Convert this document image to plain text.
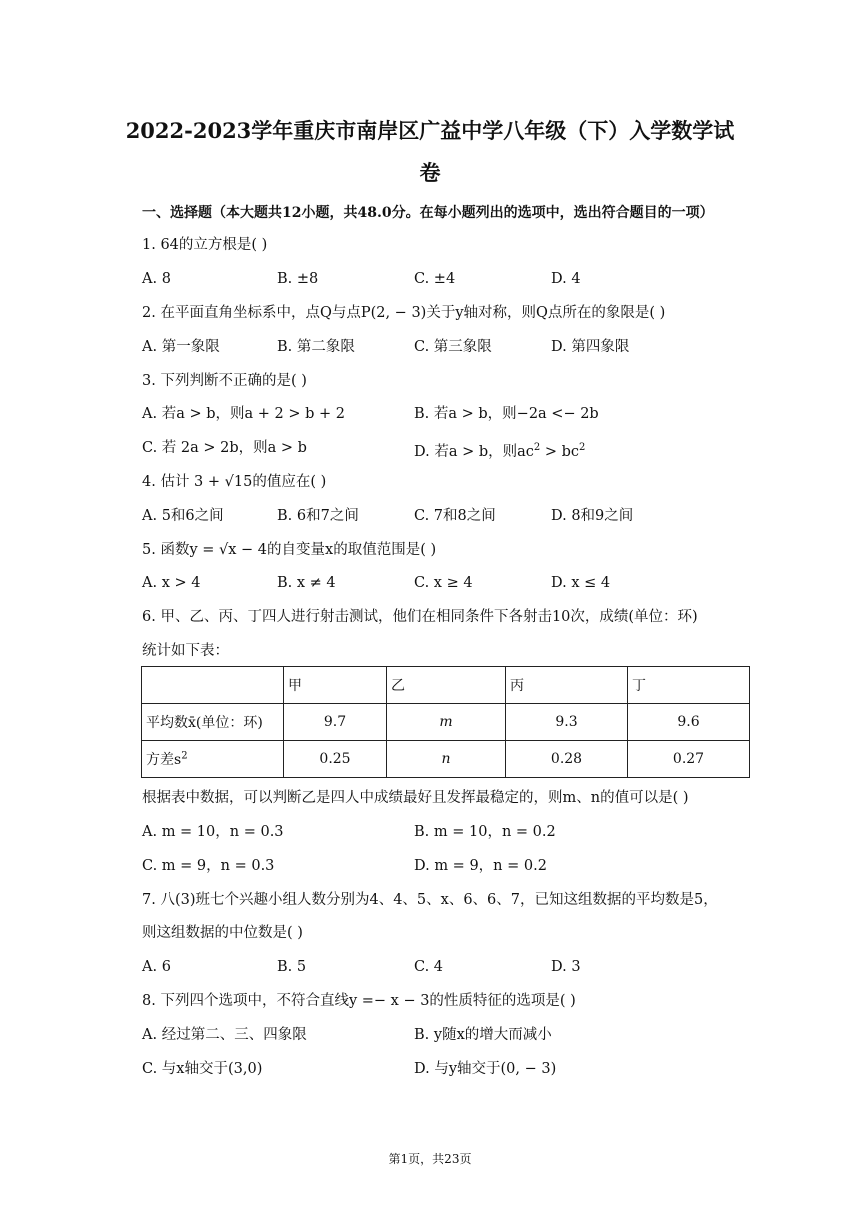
2022-2023学年重庆市南岸区广益中学八年级（下）入学数学试
卷
一、选择题（本大题共12小题，共48.0分。在每小题列出的选项中，选出符合题目的一项）
1. 64的立方根是( )
A. 8	B. ±8	C. ±4	D. 4
2. 在平面直角坐标系中，点Q与点P(2, − 3)关于y轴对称，则Q点所在的象限是( )
A. 第一象限	B. 第二象限	C. 第三象限	D. 第四象限
3. 下列判断不正确的是( )
A. 若a > b，则a + 2 > b + 2	B. 若a > b，则−2a <− 2b
C. 若 2a > 2b，则a > b	D. 若a > b，则$ac^2 > bc^2$
4. 估计 3 + √15的值应在( )
A. 5和6之间	B. 6和7之间	C. 7和8之间	D. 8和9之间
5. 函数y = √x − 4的自变量x的取值范围是( )
A. x > 4	B. x ≠ 4	C. x ≥ 4	D. x ≤ 4
6. 甲、乙、丙、丁四人进行射击测试，他们在相同条件下各射击10次，成绩(单位：环)
统计如下表：
	甲	乙	丙	丁
平均数x̄(单位：环)	9.7	m	9.3	9.6
方差$s^2$	0.25	n	0.28	0.27
根据表中数据，可以判断乙是四人中成绩最好且发挥最稳定的，则m、n的值可以是( )
A. m = 10，n = 0.3	B. m = 10，n = 0.2
C. m = 9，n = 0.3	D. m = 9，n = 0.2
7. 八(3)班七个兴趣小组人数分别为4、4、5、x、6、6、7，已知这组数据的平均数是5，
则这组数据的中位数是( )
A. 6	B. 5	C. 4	D. 3
8. 下列四个选项中，不符合直线y =− x − 3的性质特征的选项是( )
A. 经过第二、三、四象限	B. y随x的增大而减小
C. 与x轴交于(3,0)	D. 与y轴交于(0, − 3)
第1页，共23页
